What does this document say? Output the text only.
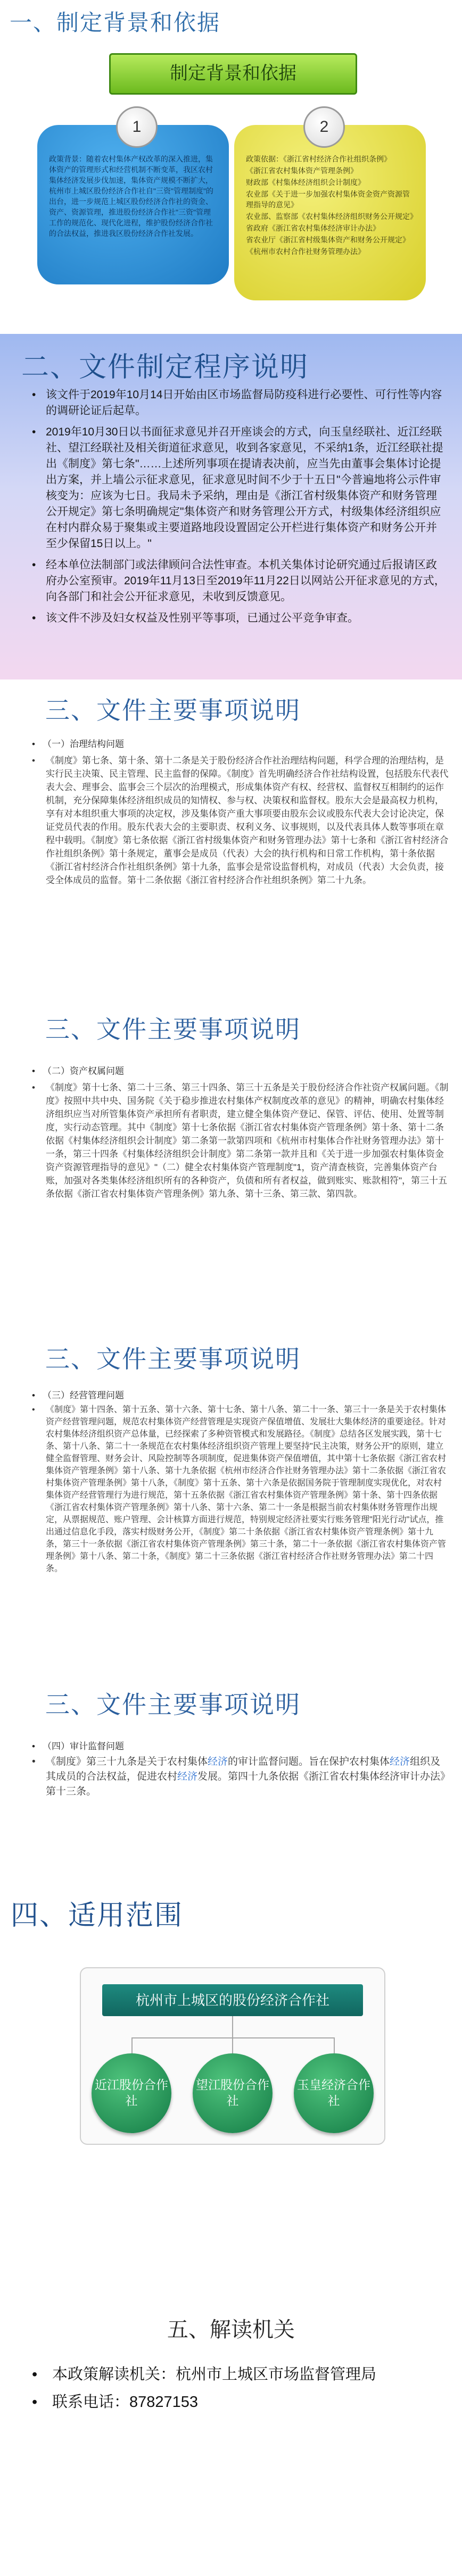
一、制定背景和依据
制定背景和依据
1	2

政策背景：随着农村集体产权改革的深入推进，集体资产的管理形式和经营机制不断变革，我区农村集体经济发展步伐加速，集体资产规模不断扩大，杭州市上城区股份经济合作社自"三资"管理制度"的出台，进一步规范上城区股份经济合作社的资金、资产、资源管理，推进股份经济合作社"三资"管理工作的规范化、现代化进程，维护股份经济合作社的合法权益，推进我区股份经济合作社发展。

政策依据：《浙江省村经济合作社组织条例》

《浙江省农村集体资产管理条例》

财政部《村集体经济组织会计制度》

农业部《关于进一步加强农村集体资金资产资源管理指导的意见》

农业部、监察部《农村集体经济组织财务公开规定》

省政府《浙江省农村集体经济审计办法》

省农业厅《浙江省村级集体资产和财务公开规定》

《杭州市农村合作社财务管理办法》

二、文件制定程序说明
• 该文件于2019年10月14日开始由区市场监督局防疫科进行必要性、可行性等内容的调研论证后起草。
• 2019年10月30日以书面征求意见并召开座谈会的方式，向玉皇经联社、近江经联社、望江经联社及相关街道征求意见，收到各家意见，不采纳1条，近江经联社提出《制度》第七条"……上述所列事项在提请表决前，应当先由董事会集体讨论提出方案，并上墙公示征求意见，征求意见时间不少于十五日"今普遍地将公示件审核变为：应该为七日。我局未予采纳，理由是《浙江省村级集体资产和财务管理公开规定》第七条明确规定"集体资产和财务管理公开方式，村级集体经济组织应在村内群众易于聚集或主要道路地段设置固定公开栏进行集体资产和财务公开并至少保留15日以上。"
• 经本单位法制部门或法律顾问合法性审查。本机关集体讨论研究通过后报请区政府办公室预审。2019年11月13日至2019年11月22日以网站公开征求意见的方式，向各部门和社会公开征求意见，未收到反馈意见。
• 该文件不涉及妇女权益及性别平等事项，已通过公平竞争审查。
三、文件主要事项说明
• （一）治理结构问题
• 《制度》第七条、第十条、第十二条是关于股份经济合作社治理结构问题，科学合理的治理结构，是实行民主决策、民主管理、民主监督的保障。《制度》首先明确经济合作社结构设置，包括股东代表代表大会、理事会、监事会三个层次的治理模式，形成集体资产有权、经营权、监督权互相制约的运作机制，充分保障集体经济组织成员的知情权、参与权、决策权和监督权。股东大会是最高权力机构，享有对本组织重大事项的决定权，涉及集体资产重大事项要由股东会议或股东代表大会讨论决定，保证党员代表的作用。股东代表大会的主要职责、权利义务、议事规则，以及代表具体人数等事项在章程中载明。《制度》第七条依据《浙江省村级集体资产和财务管理办法》第十七条和《浙江省村经济合作社组织条例》第十条规定，董事会是成员（代表）大会的执行机构和日常工作机构，第十条依据《浙江省村经济合作社组织条例》第十九条，监事会是常设监督机构，对成员（代表）大会负责，接受全体成员的监督。第十二条依据《浙江省村经济合作社组织条例》第二十九条。
三、文件主要事项说明
• （二）资产权属问题
• 《制度》第十七条、第二十三条、第三十四条、第三十五条是关于股份经济合作社资产权属问题。《制度》按照中共中央、国务院《关于稳步推进农村集体产权制度改革的意见》的精神，明确农村集体经济组织应当对所管集体资产承担所有者职责，建立健全集体资产登记、保管、评估、使用、处置等制度，实行动态管理。其中《制度》第十七条依据《浙江省农村集体资产管理条例》第十条、第十二条依据《村集体经济组织会计制度》第二条第一款第四项和《杭州市村集体合作社财务管理办法》第十一条，第三十四条《村集体经济组织会计制度》第二条第一款并且和《关于进一步加强农村集体资金资产资源管理指导的意见》"（二）健全农村集体资产管理制度"1，资产清查核资，完善集体资产台账，加强对各类集体经济组织所有的各种资产，负债和所有者权益，做到账实、账款相符"，第三十五条依据《浙江省农村集体资产管理条例》第九条、第十三条、第三款、第四款。
三、文件主要事项说明
• （三）经营管理问题
• 《制度》第十四条、第十五条、第十六条、第十七条、第十八条、第二十一条、第三十一条是关于农村集体资产经营管理问题，规范农村集体资产经营管理是实现资产保值增值、发展壮大集体经济的重要途径。针对农村集体经济组织资产总体量，已经探索了多种资管模式和发展路径。《制度》总结各区发展实践，第十七条、第十八条、第二十一条规范在农村集体经济组织资产管理上要坚持"民主决策，财务公开"的原则，建立健全监督管理、财务会计、风险控制等各项制度，促进集体资产保值增值，其中第十七条依据《浙江省农村集体资产管理条例》第十八条、第十九条依据《杭州市经济合作社财务管理办法》第十二条依据《浙江省农村集体资产管理条例》第十八条，《制度》第十五条、第十六条是依据国务院于管理制度实现优化，对农村集体资产经营管理行为进行规范，第十五条依据《浙江省农村集体资产管理条例》第十条、第十四条依据《浙江省农村集体资产管理条例》第十八条、第十六条、第二十一条是根据当前农村集体财务管理作出规定，从票据规范、账户管理、会计核算方面进行规范，特别规定经济社要实行账务管理"阳光行动"试点，推出通过信息化手段，落实村级财务公开，《制度》第二十条依据《浙江省农村集体资产管理条例》第十九条，第三十一条依据《浙江省农村集体资产管理条例》第三十条，第二十一条依据《浙江省农村集体资产管理条例》第十八条、第二十条，《制度》第二十三条依据《浙江省村经济合作社财务管理办法》第二十四条。
三、文件主要事项说明
• （四）审计监督问题
• 《制度》第三十九条是关于农村集体经济的审计监督问题。旨在保护农村集体经济组织及其成员的合法权益，促进农村经济发展。第四十九条依据《浙江省农村集体经济审计办法》第十三条。
四、适用范围
杭州市上城区的股份经济合作社
近江股份合作社
望江股份合作社
玉皇经济合作社
五、解读机关
• 本政策解读机关：杭州市上城区市场监督管理局
• 联系电话：87827153
